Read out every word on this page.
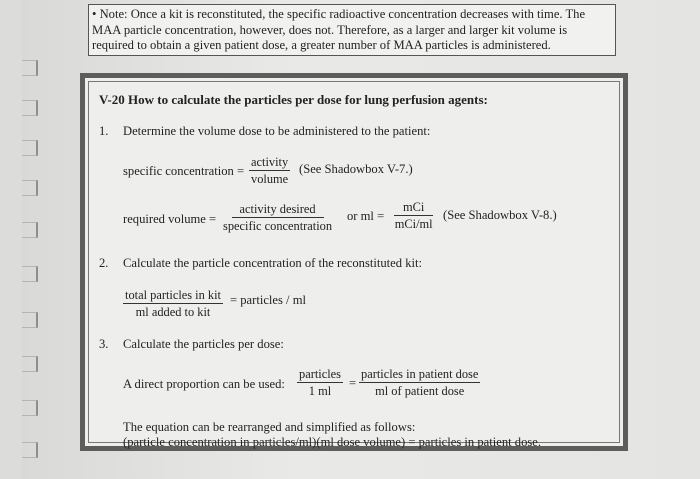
• Note: Once a kit is reconstituted, the specific radioactive concentration decreases with time. The MAA particle concentration, however, does not. Therefore, as a larger and larger kit volume is required to obtain a given patient dose, a greater number of MAA particles is administered.

V-20 How to calculate the particles per dose for lung perfusion agents:
1. Determine the volume dose to be administered to the patient:
specific concentration =
activity
volume
(See Shadowbox V-7.)
required volume =
activity desired
specific concentration
or ml =
mCi
mCi/ml
(See Shadowbox V-8.)
2. Calculate the particle concentration of the reconstituted kit:
total particles in kit
ml added to kit
= particles / ml
3. Calculate the particles per dose:
A direct proportion can be used:
particles
1 ml
=
particles in patient dose
ml of patient dose
The equation can be rearranged and simplified as follows:
(particle concentration in particles/ml)(ml dose volume) = particles in patient dose.
